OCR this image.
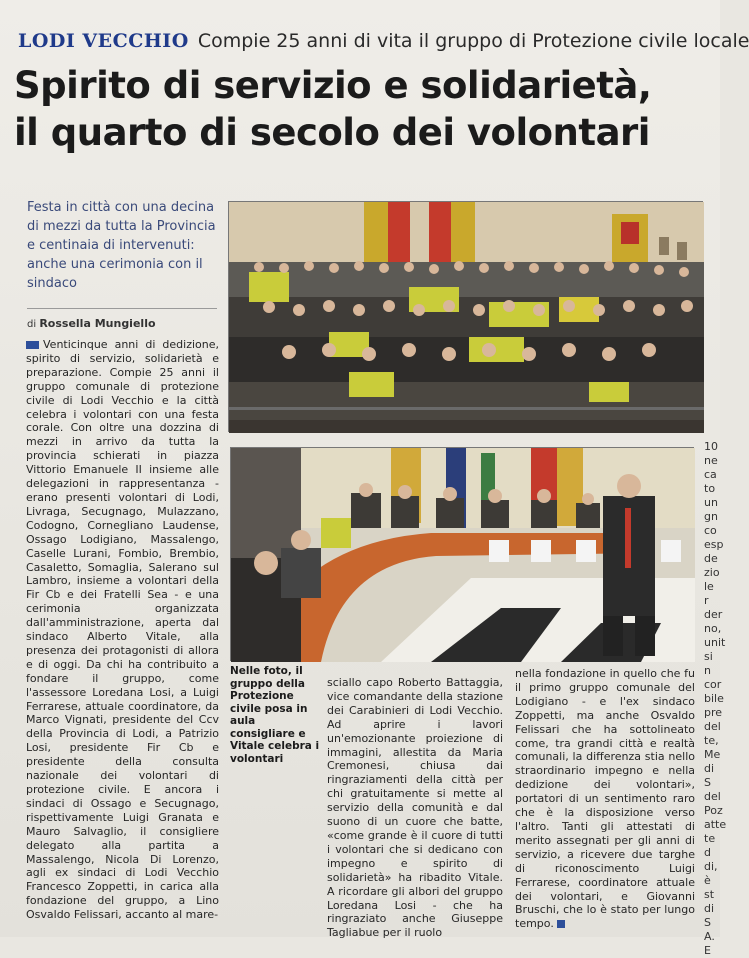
LODI VECCHIO Compie 25 anni di vita il gruppo di Protezione civile locale
Spirito di servizio e solidarietà,
il quarto di secolo dei volontari
Festa in città con una decina di mezzi da tutta la Provincia e centinaia di intervenuti: anche una cerimonia con il sindaco
di Rossella Mungiello
Nelle foto, il gruppo della Protezione civile posa in aula consigliare e Vitale celebra i volontari
Venticinque anni di dedizione, spirito di servizio, solidarietà e preparazione. Compie 25 anni il gruppo comunale di protezione civile di Lodi Vecchio e la città celebra i volontari con una festa corale. Con oltre una dozzina di mezzi in arrivo da tutta la provincia schierati in piazza Vittorio Emanuele II insieme alle delegazioni in rappresentanza - erano presenti volontari di Lodi, Livraga, Secugnago, Mulazzano, Codogno, Cornegliano Laudense, Ossago Lodigiano, Massalengo, Caselle Lurani, Fombio, Brembio, Casaletto, Somaglia, Salerano sul Lambro, insieme a volontari della Fir Cb e dei Fratelli Sea - e una cerimonia organizzata dall'amministrazione, aperta dal sindaco Alberto Vitale, alla presenza dei protagonisti di allora e di oggi. Da chi ha contribuito a fondare il gruppo, come l'assessore Loredana Losi, a Luigi Ferrarese, attuale coordinatore, da Marco Vignati, presidente del Ccv della Provincia di Lodi, a Patrizio Losi, presidente Fir Cb e presidente della consulta nazionale dei volontari di protezione civile. E ancora i sindaci di Ossago e Secugnago, rispettivamente Luigi Granata e Mauro Salvaglio, il consigliere delegato alla partita a Massalengo, Nicola Di Lorenzo, agli ex sindaci di Lodi Vecchio Francesco Zoppetti, in carica alla fondazione del gruppo, a Lino Osvaldo Felissari, accanto al mare-
sciallo capo Roberto Battaggia, vice comandante della stazione dei Carabinieri di Lodi Vecchio. Ad aprire i lavori un'emozionante proiezione di immagini, allestita da Maria Cremonesi, chiusa dai ringraziamenti della città per chi gratuitamente si mette al servizio della comunità e dal suono di un cuore che batte, «come grande è il cuore di tutti i volontari che si dedicano con impegno e spirito di solidarietà» ha ribadito Vitale. A ricordare gli albori del gruppo Loredana Losi - che ha ringraziato anche Giuseppe Tagliabue per il ruolo
nella fondazione in quello che fu il primo gruppo comunale del Lodigiano - e l'ex sindaco Zoppetti, ma anche Osvaldo Felissari che ha sottolineato come, tra grandi città e realtà comunali, la differenza stia nello straordinario impegno e nella dedizione dei volontari», portatori di un sentimento raro che è la disposizione verso l'altro. Tanti gli attestati di merito assegnati per gli anni di servizio, a ricevere due targhe di riconoscimento Luigi Ferrarese, coordinatore attuale dei volontari, e Giovanni Bruschi, che lo è stato per lungo tempo.
10
ne
ca
to
un
gn
co
esp
de
zio
le r
der
no,
unit
si n
cor
bile
pre
del
te,
Me
di S
del
Poz
atte
te d
di,
è st
di S
A. E
